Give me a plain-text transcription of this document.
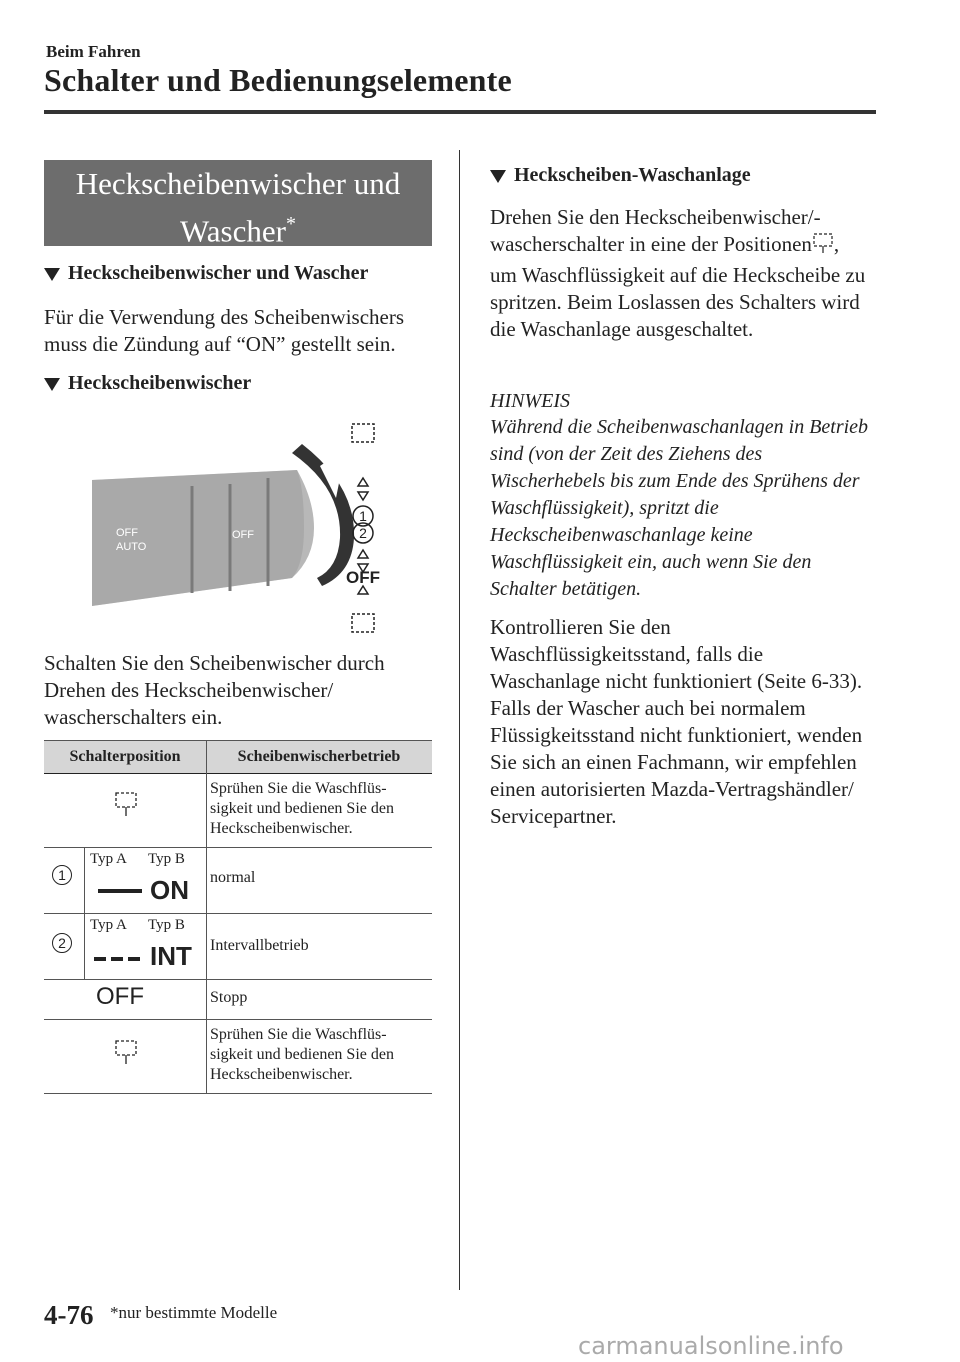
Beim Fahren
Schalter und Bedienungselemente
Heckscheibenwischer und
Wascher*
Heckscheibenwischer und Wascher
Für die Verwendung des Scheibenwischers muss die Zündung auf “ON” gestellt sein.
Heckscheibenwischer
OFF
AUTO
OFF
1
2
OFF
Schalten Sie den Scheibenwischer durch Drehen des Heckscheibenwischer/ wascherschalters ein.
Schalterposition	Scheibenwischerbetrieb
Sprühen Sie die Waschflüs- sigkeit und bedienen Sie den Heckscheibenwischer.
1
Typ A Typ B
ON normal
2
Typ A Typ B
INT Intervallbetrieb
OFF	Stopp
Sprühen Sie die Waschflüs- sigkeit und bedienen Sie den Heckscheibenwischer.
Heckscheiben-Waschanlage
Drehen Sie den Heckscheibenwischer/-wascherschalter in eine der Positionen , um Waschflüssigkeit auf die Heckscheibe zu spritzen. Beim Loslassen des Schalters wird die Waschanlage ausgeschaltet.
HINWEIS
Während die Scheibenwaschanlagen in Betrieb sind (von der Zeit des Ziehens des Wischerhebels bis zum Ende des Sprühens der Waschflüssigkeit), spritzt die Heckscheibenwaschanlage keine Waschflüssigkeit ein, auch wenn Sie den Schalter betätigen.
Kontrollieren Sie den Waschflüssigkeitsstand, falls die Waschanlage nicht funktioniert (Seite 6-33). Falls der Wascher auch bei normalem Flüssigkeitsstand nicht funktioniert, wenden Sie sich an einen Fachmann, wir empfehlen einen autorisierten Mazda-Vertragshändler/ Servicepartner.
4-76 *nur bestimmte Modelle
carmanualsonline.info
